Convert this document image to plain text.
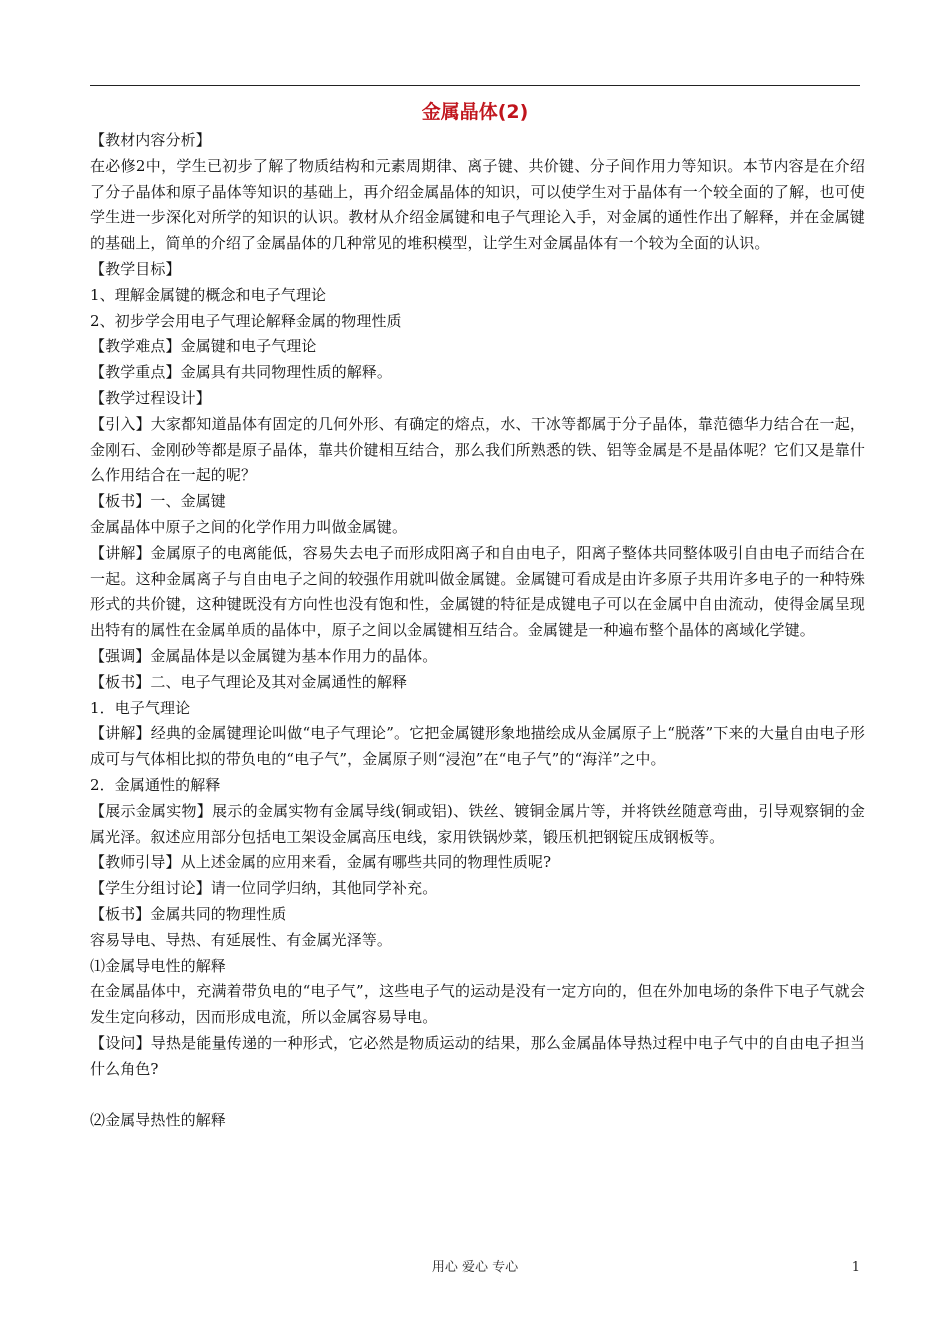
金属晶体(2)

【教材内容分析】

在必修2中，学生已初步了解了物质结构和元素周期律、离子键、共价键、分子间作用力等知识。本节内容是在介绍了分子晶体和原子晶体等知识的基础上，再介绍金属晶体的知识，可以使学生对于晶体有一个较全面的了解，也可使学生进一步深化对所学的知识的认识。教材从介绍金属键和电子气理论入手，对金属的通性作出了解释，并在金属键的基础上，简单的介绍了金属晶体的几种常见的堆积模型，让学生对金属晶体有一个较为全面的认识。

【教学目标】

1、理解金属键的概念和电子气理论

2、初步学会用电子气理论解释金属的物理性质

【教学难点】金属键和电子气理论

【教学重点】金属具有共同物理性质的解释。

【教学过程设计】

【引入】大家都知道晶体有固定的几何外形、有确定的熔点，水、干冰等都属于分子晶体，靠范德华力结合在一起，金刚石、金刚砂等都是原子晶体，靠共价键相互结合，那么我们所熟悉的铁、铝等金属是不是晶体呢？它们又是靠什么作用结合在一起的呢？

【板书】一、金属键

金属晶体中原子之间的化学作用力叫做金属键。

【讲解】金属原子的电离能低，容易失去电子而形成阳离子和自由电子，阳离子整体共同整体吸引自由电子而结合在一起。这种金属离子与自由电子之间的较强作用就叫做金属键。金属键可看成是由许多原子共用许多电子的一种特殊形式的共价键，这种键既没有方向性也没有饱和性，金属键的特征是成键电子可以在金属中自由流动，使得金属呈现出特有的属性在金属单质的晶体中，原子之间以金属键相互结合。金属键是一种遍布整个晶体的离域化学键。

【强调】金属晶体是以金属键为基本作用力的晶体。

【板书】二、电子气理论及其对金属通性的解释

1．电子气理论

【讲解】经典的金属键理论叫做“电子气理论”。它把金属键形象地描绘成从金属原子上“脱落”下来的大量自由电子形成可与气体相比拟的带负电的“电子气”，金属原子则“浸泡”在“电子气”的“海洋”之中。

2．金属通性的解释

【展示金属实物】展示的金属实物有金属导线(铜或铝)、铁丝、镀铜金属片等，并将铁丝随意弯曲，引导观察铜的金属光泽。叙述应用部分包括电工架设金属高压电线，家用铁锅炒菜，锻压机把钢锭压成钢板等。

【教师引导】从上述金属的应用来看，金属有哪些共同的物理性质呢?

【学生分组讨论】请一位同学归纳，其他同学补充。

【板书】金属共同的物理性质

容易导电、导热、有延展性、有金属光泽等。

⑴金属导电性的解释

在金属晶体中，充满着带负电的“电子气”，这些电子气的运动是没有一定方向的，但在外加电场的条件下电子气就会发生定向移动，因而形成电流，所以金属容易导电。

【设问】导热是能量传递的一种形式，它必然是物质运动的结果，那么金属晶体导热过程中电子气中的自由电子担当什么角色?

⑵金属导热性的解释

用心 爱心 专心	1
